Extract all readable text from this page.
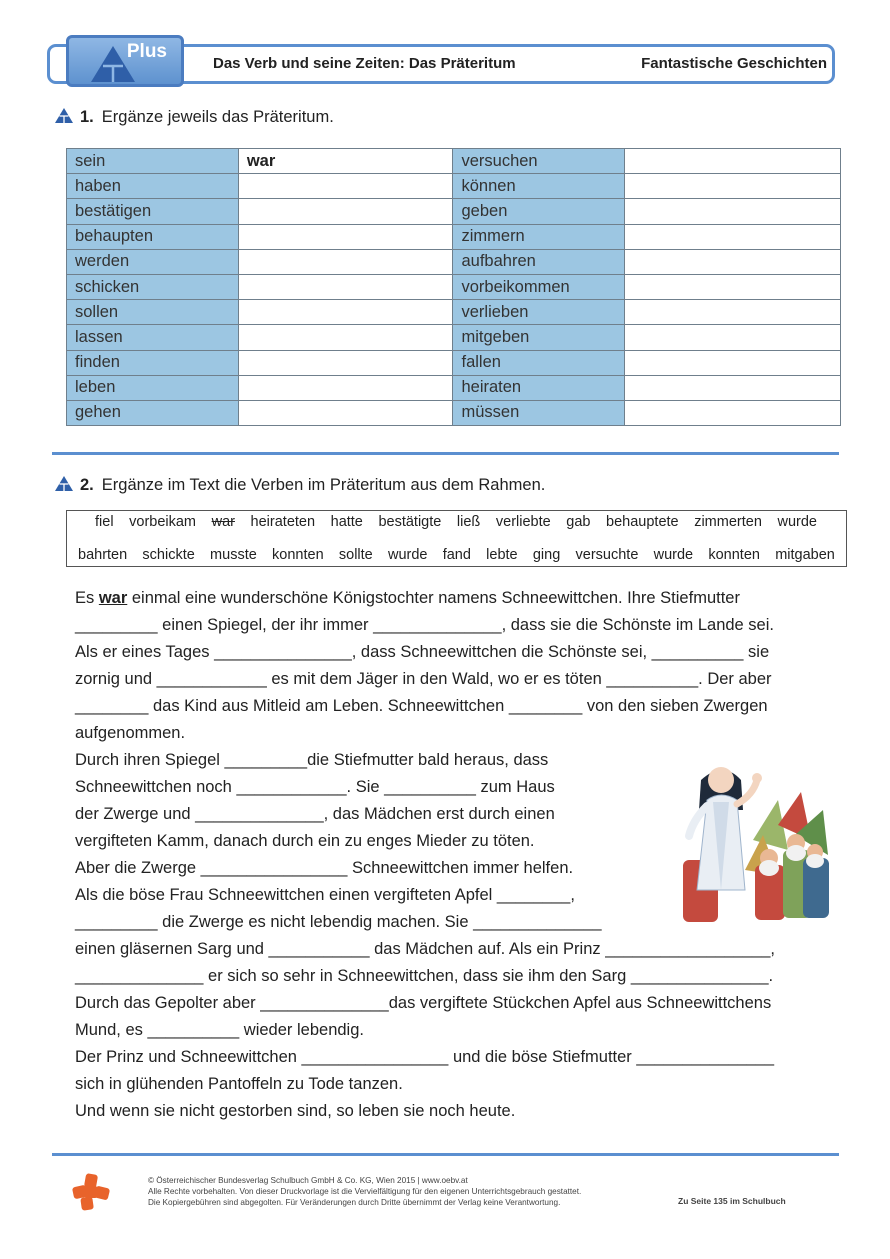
Plus
Das Verb und seine Zeiten: Das Präteritum	Fantastische Geschichten
1. Ergänze jeweils das Präteritum.
sein	war	versuchen	
haben		können	
bestätigen		geben	
behaupten		zimmern	
werden		aufbahren	
schicken		vorbeikommen	
sollen		verlieben	
lassen		mitgeben	
finden		fallen	
leben		heiraten	
gehen		müssen	
2. Ergänze im Text die Verben im Präteritum aus dem Rahmen.
fiel vorbeikam war heirateten hatte bestätigte ließ verliebte gab behauptete zimmerten wurde
bahrten schickte musste konnten sollte wurde fand lebte ging versuchte wurde konnten mitgaben
Es war einmal eine wunderschöne Königstochter namens Schneewittchen. Ihre Stiefmutter
_________ einen Spiegel, der ihr immer ______________, dass sie die Schönste im Lande sei.
Als er eines Tages _______________, dass Schneewittchen die Schönste sei, __________ sie
zornig und ____________ es mit dem Jäger in den Wald, wo er es töten __________. Der aber
________ das Kind aus Mitleid am Leben. Schneewittchen ________ von den sieben Zwergen
aufgenommen.
Durch ihren Spiegel _________die Stiefmutter bald heraus, dass
Schneewittchen noch ____________. Sie __________ zum Haus
der Zwerge und ______________, das Mädchen erst durch einen
vergifteten Kamm, danach durch ein zu enges Mieder zu töten.
Aber die Zwerge ________________ Schneewittchen immer helfen.
Als die böse Frau Schneewittchen einen vergifteten Apfel ________,
_________ die Zwerge es nicht lebendig machen. Sie ______________
einen gläsernen Sarg und ___________ das Mädchen auf. Als ein Prinz __________________,
______________ er sich so sehr in Schneewittchen, dass sie ihm den Sarg _______________.
Durch das Gepolter aber ______________das vergiftete Stückchen Apfel aus Schneewittchens
Mund, es __________ wieder lebendig.
Der Prinz und Schneewittchen ________________ und die böse Stiefmutter _______________
sich in glühenden Pantoffeln zu Tode tanzen.
Und wenn sie nicht gestorben sind, so leben sie noch heute.
© Österreichischer Bundesverlag Schulbuch GmbH & Co. KG, Wien 2015 | www.oebv.at
Alle Rechte vorbehalten. Von dieser Druckvorlage ist die Vervielfältigung für den eigenen Unterrichtsgebrauch gestattet.
Die Kopiergebühren sind abgegolten. Für Veränderungen durch Dritte übernimmt der Verlag keine Verantwortung.	Zu Seite 135 im Schulbuch
